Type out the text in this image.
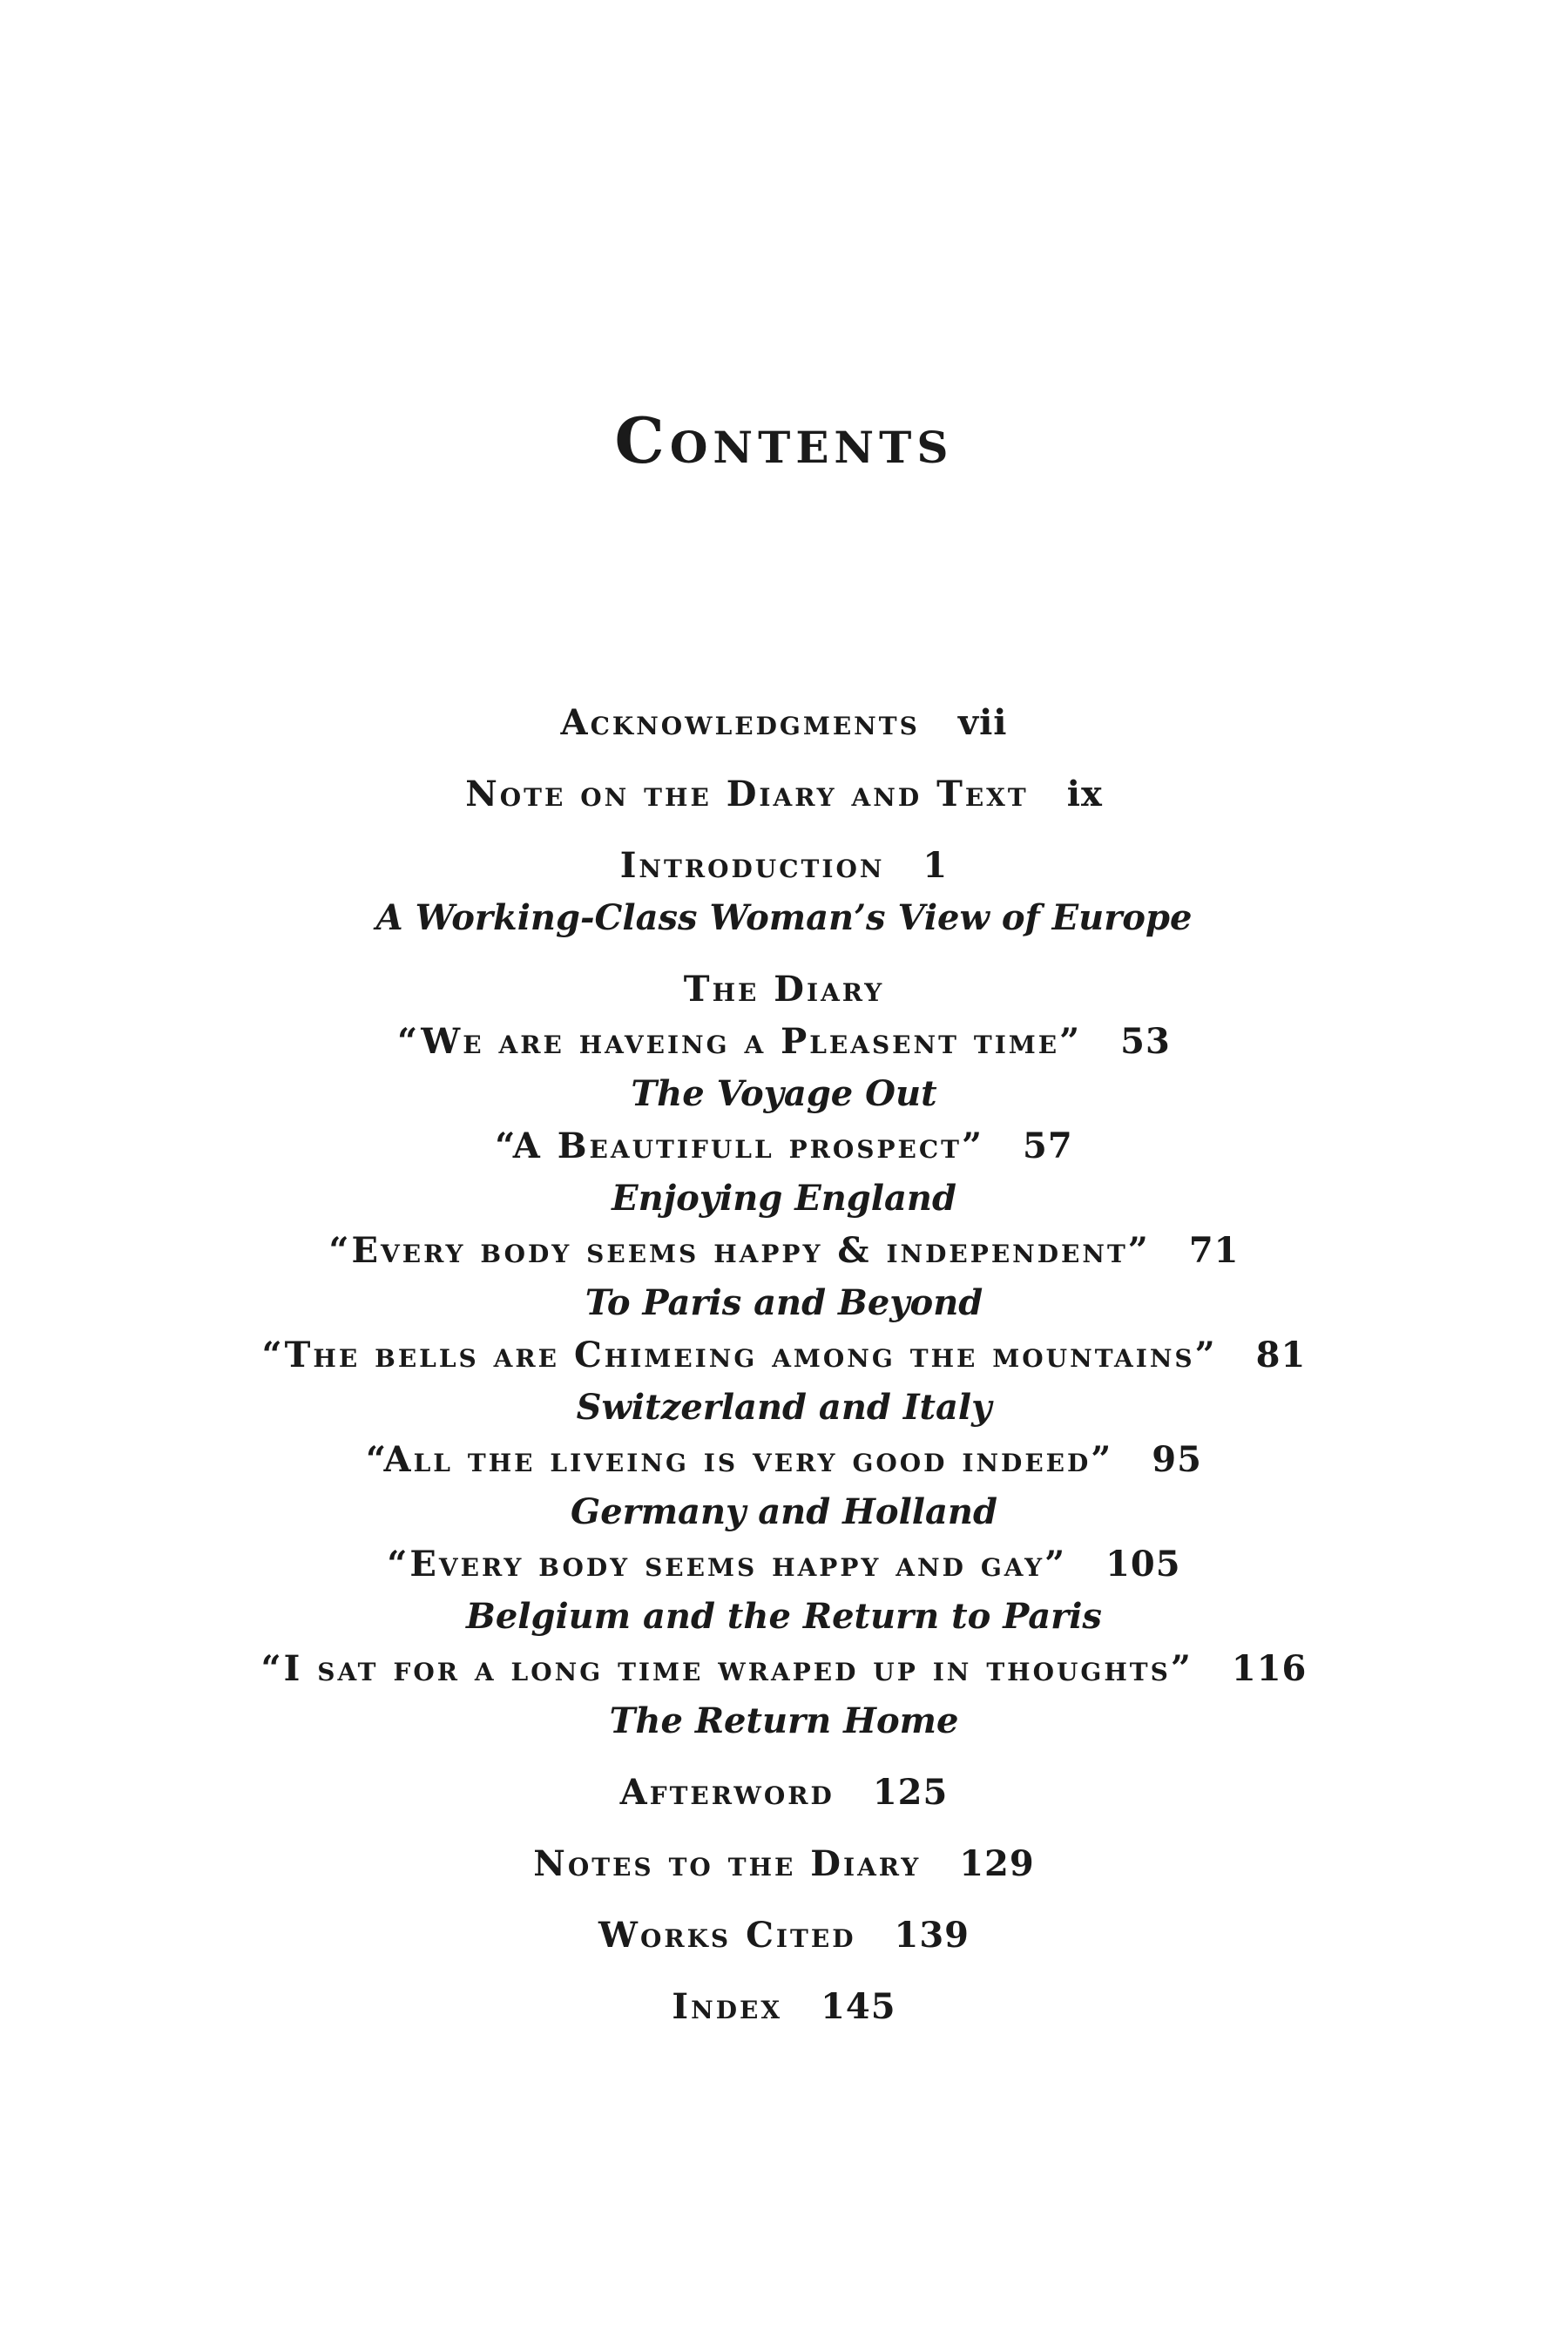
Contents
Acknowledgments vii
Note on the Diary and Text ix
Introduction 1
A Working-Class Woman’s View of Europe
The Diary
“We are haveing a Pleasent time” 53
The Voyage Out
“A Beautifull prospect” 57
Enjoying England
“Every body seems happy & independent” 71
To Paris and Beyond
“The bells are Chimeing among the mountains” 81
Switzerland and Italy
“All the liveing is very good indeed” 95
Germany and Holland
“Every body seems happy and gay” 105
Belgium and the Return to Paris
“I sat for a long time wraped up in thoughts” 116
The Return Home
Afterword 125
Notes to the Diary 129
Works Cited 139
Index 145
